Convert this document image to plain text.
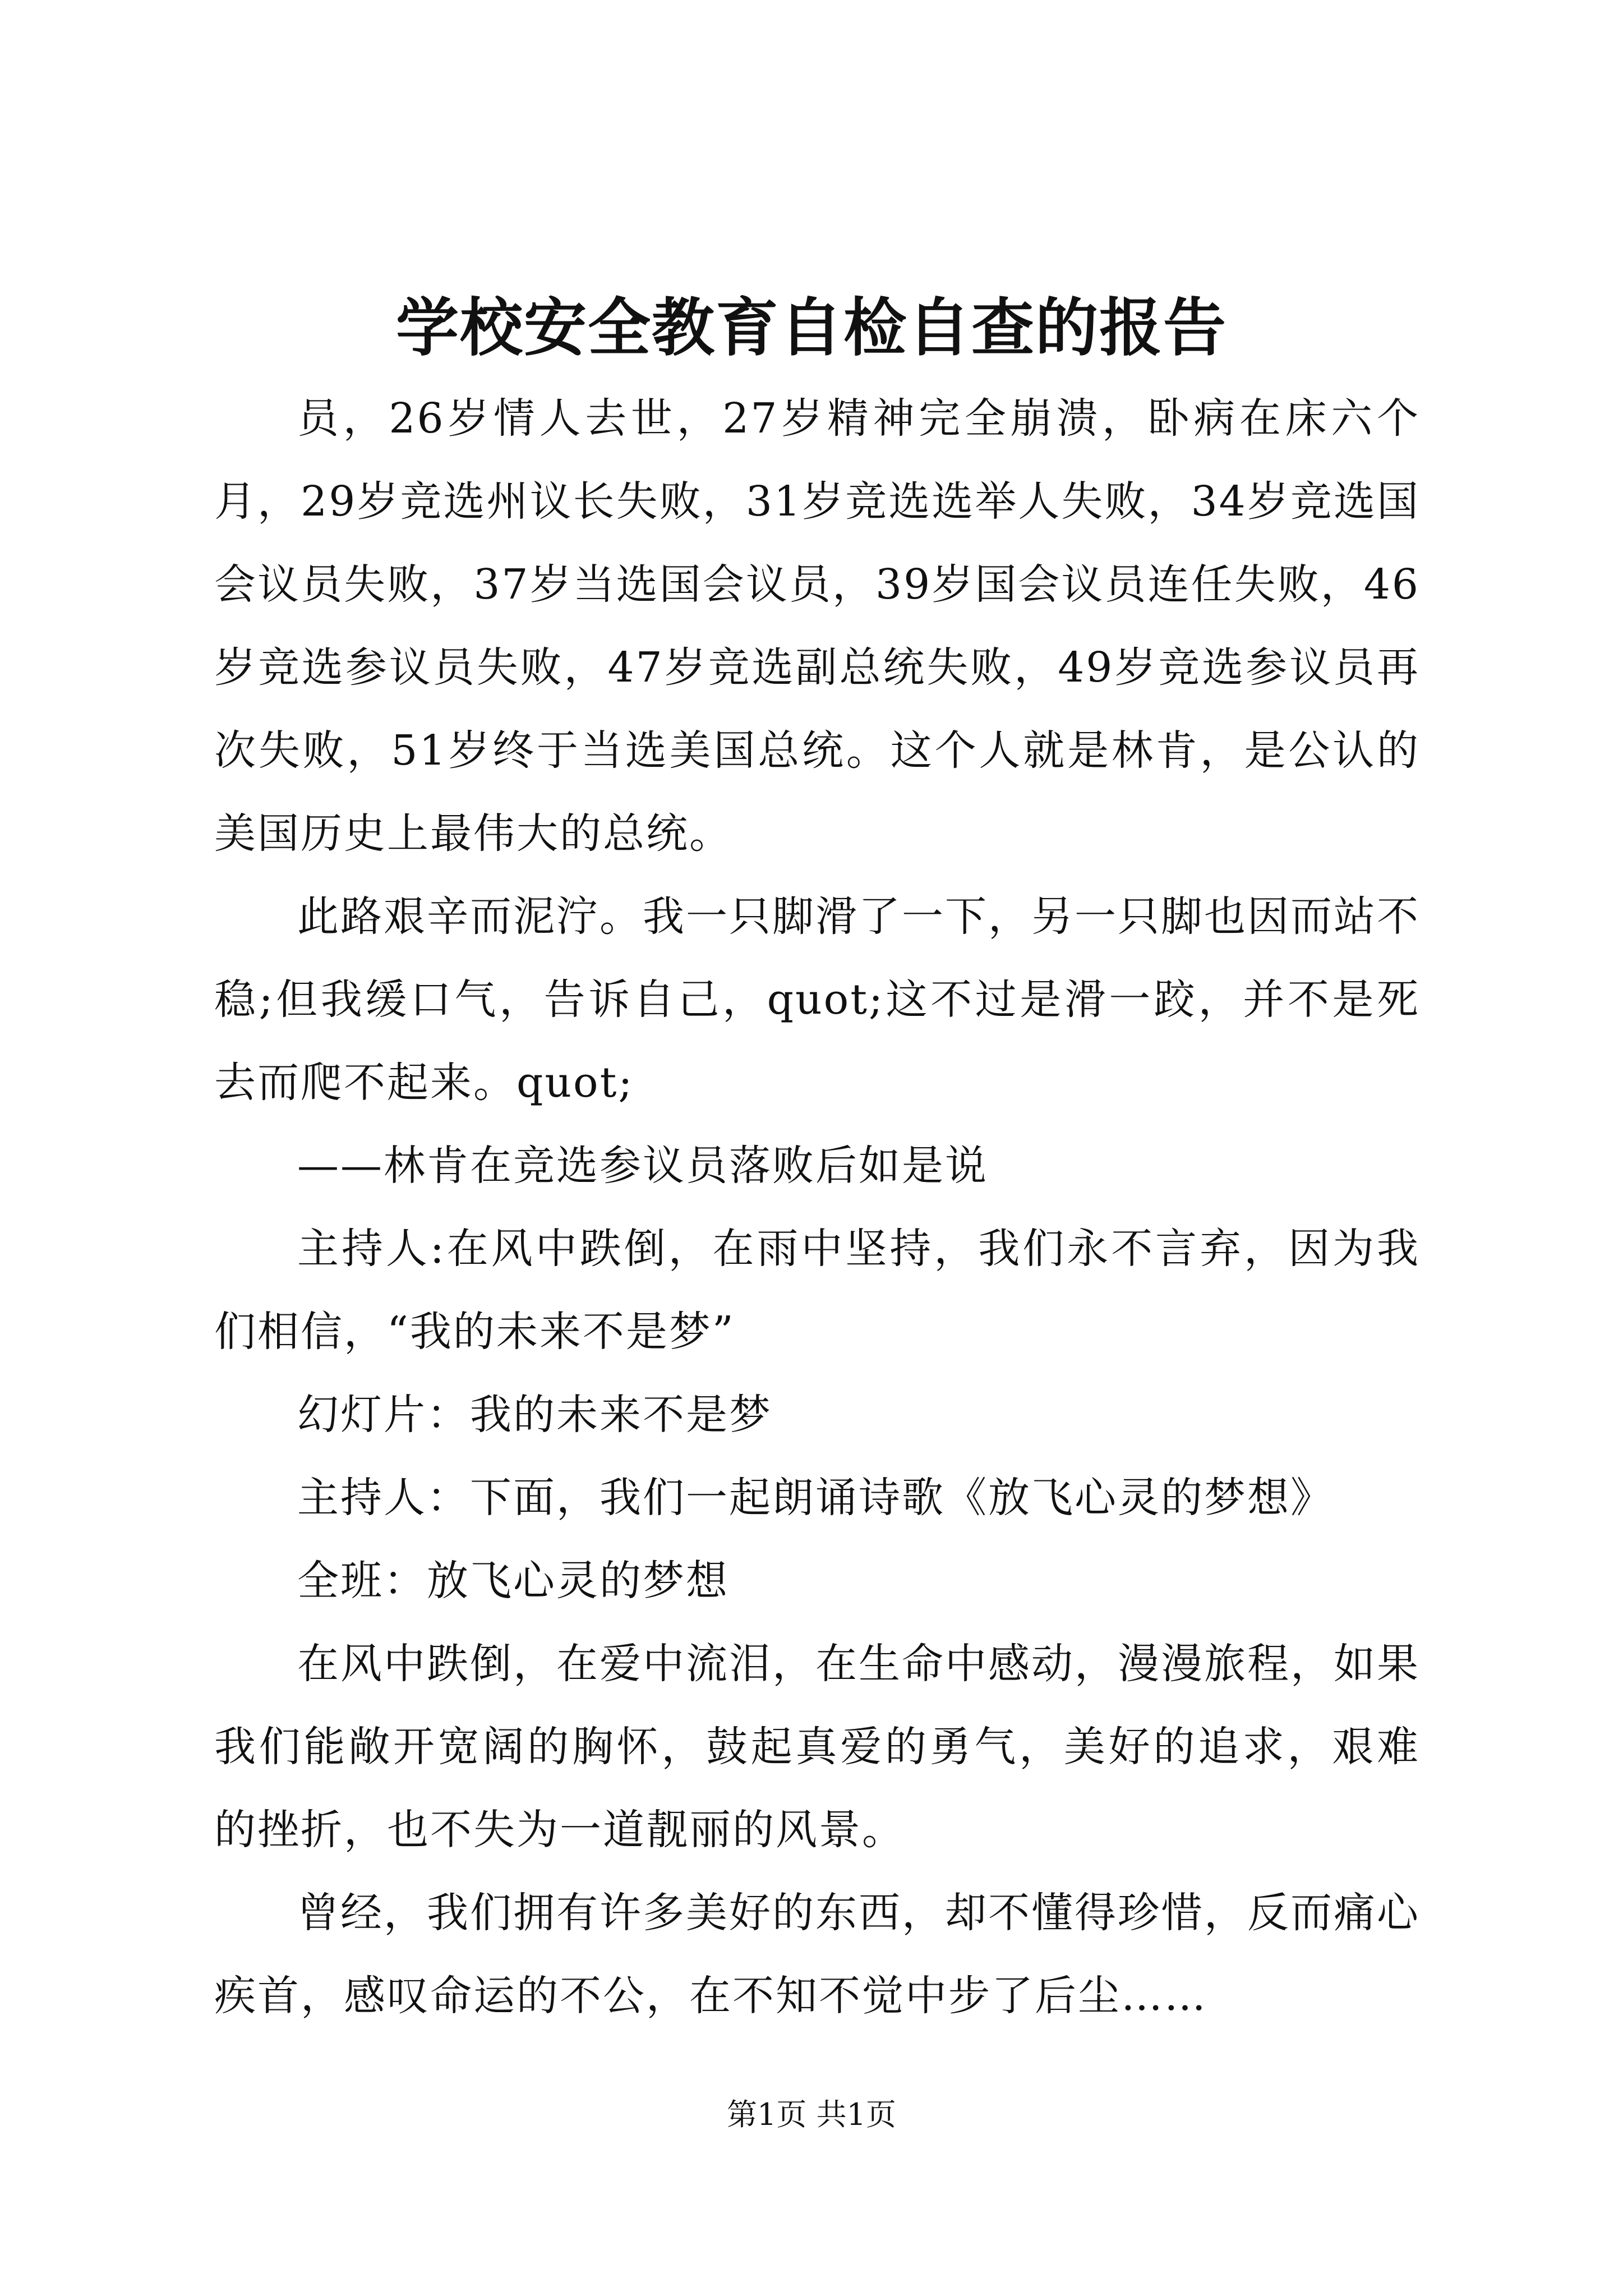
学校安全教育自检自查的报告

员，26岁情人去世，27岁精神完全崩溃，卧病在床六个月，29岁竞选州议长失败，31岁竞选选举人失败，34岁竞选国会议员失败，37岁当选国会议员，39岁国会议员连任失败，46岁竞选参议员失败，47岁竞选副总统失败，49岁竞选参议员再次失败，51岁终于当选美国总统。这个人就是林肯，是公认的美国历史上最伟大的总统。

此路艰辛而泥泞。我一只脚滑了一下，另一只脚也因而站不稳;但我缓口气，告诉自己，quot;这不过是滑一跤，并不是死去而爬不起来。quot;

——林肯在竞选参议员落败后如是说

主持人:在风中跌倒，在雨中坚持，我们永不言弃，因为我们相信，“我的未来不是梦”

幻灯片：我的未来不是梦

主持人：下面，我们一起朗诵诗歌《放飞心灵的梦想》

全班：放飞心灵的梦想

在风中跌倒，在爱中流泪，在生命中感动，漫漫旅程，如果我们能敞开宽阔的胸怀，鼓起真爱的勇气，美好的追求，艰难的挫折，也不失为一道靓丽的风景。

曾经，我们拥有许多美好的东西，却不懂得珍惜，反而痛心疾首，感叹命运的不公，在不知不觉中步了后尘……

第1页 共1页
